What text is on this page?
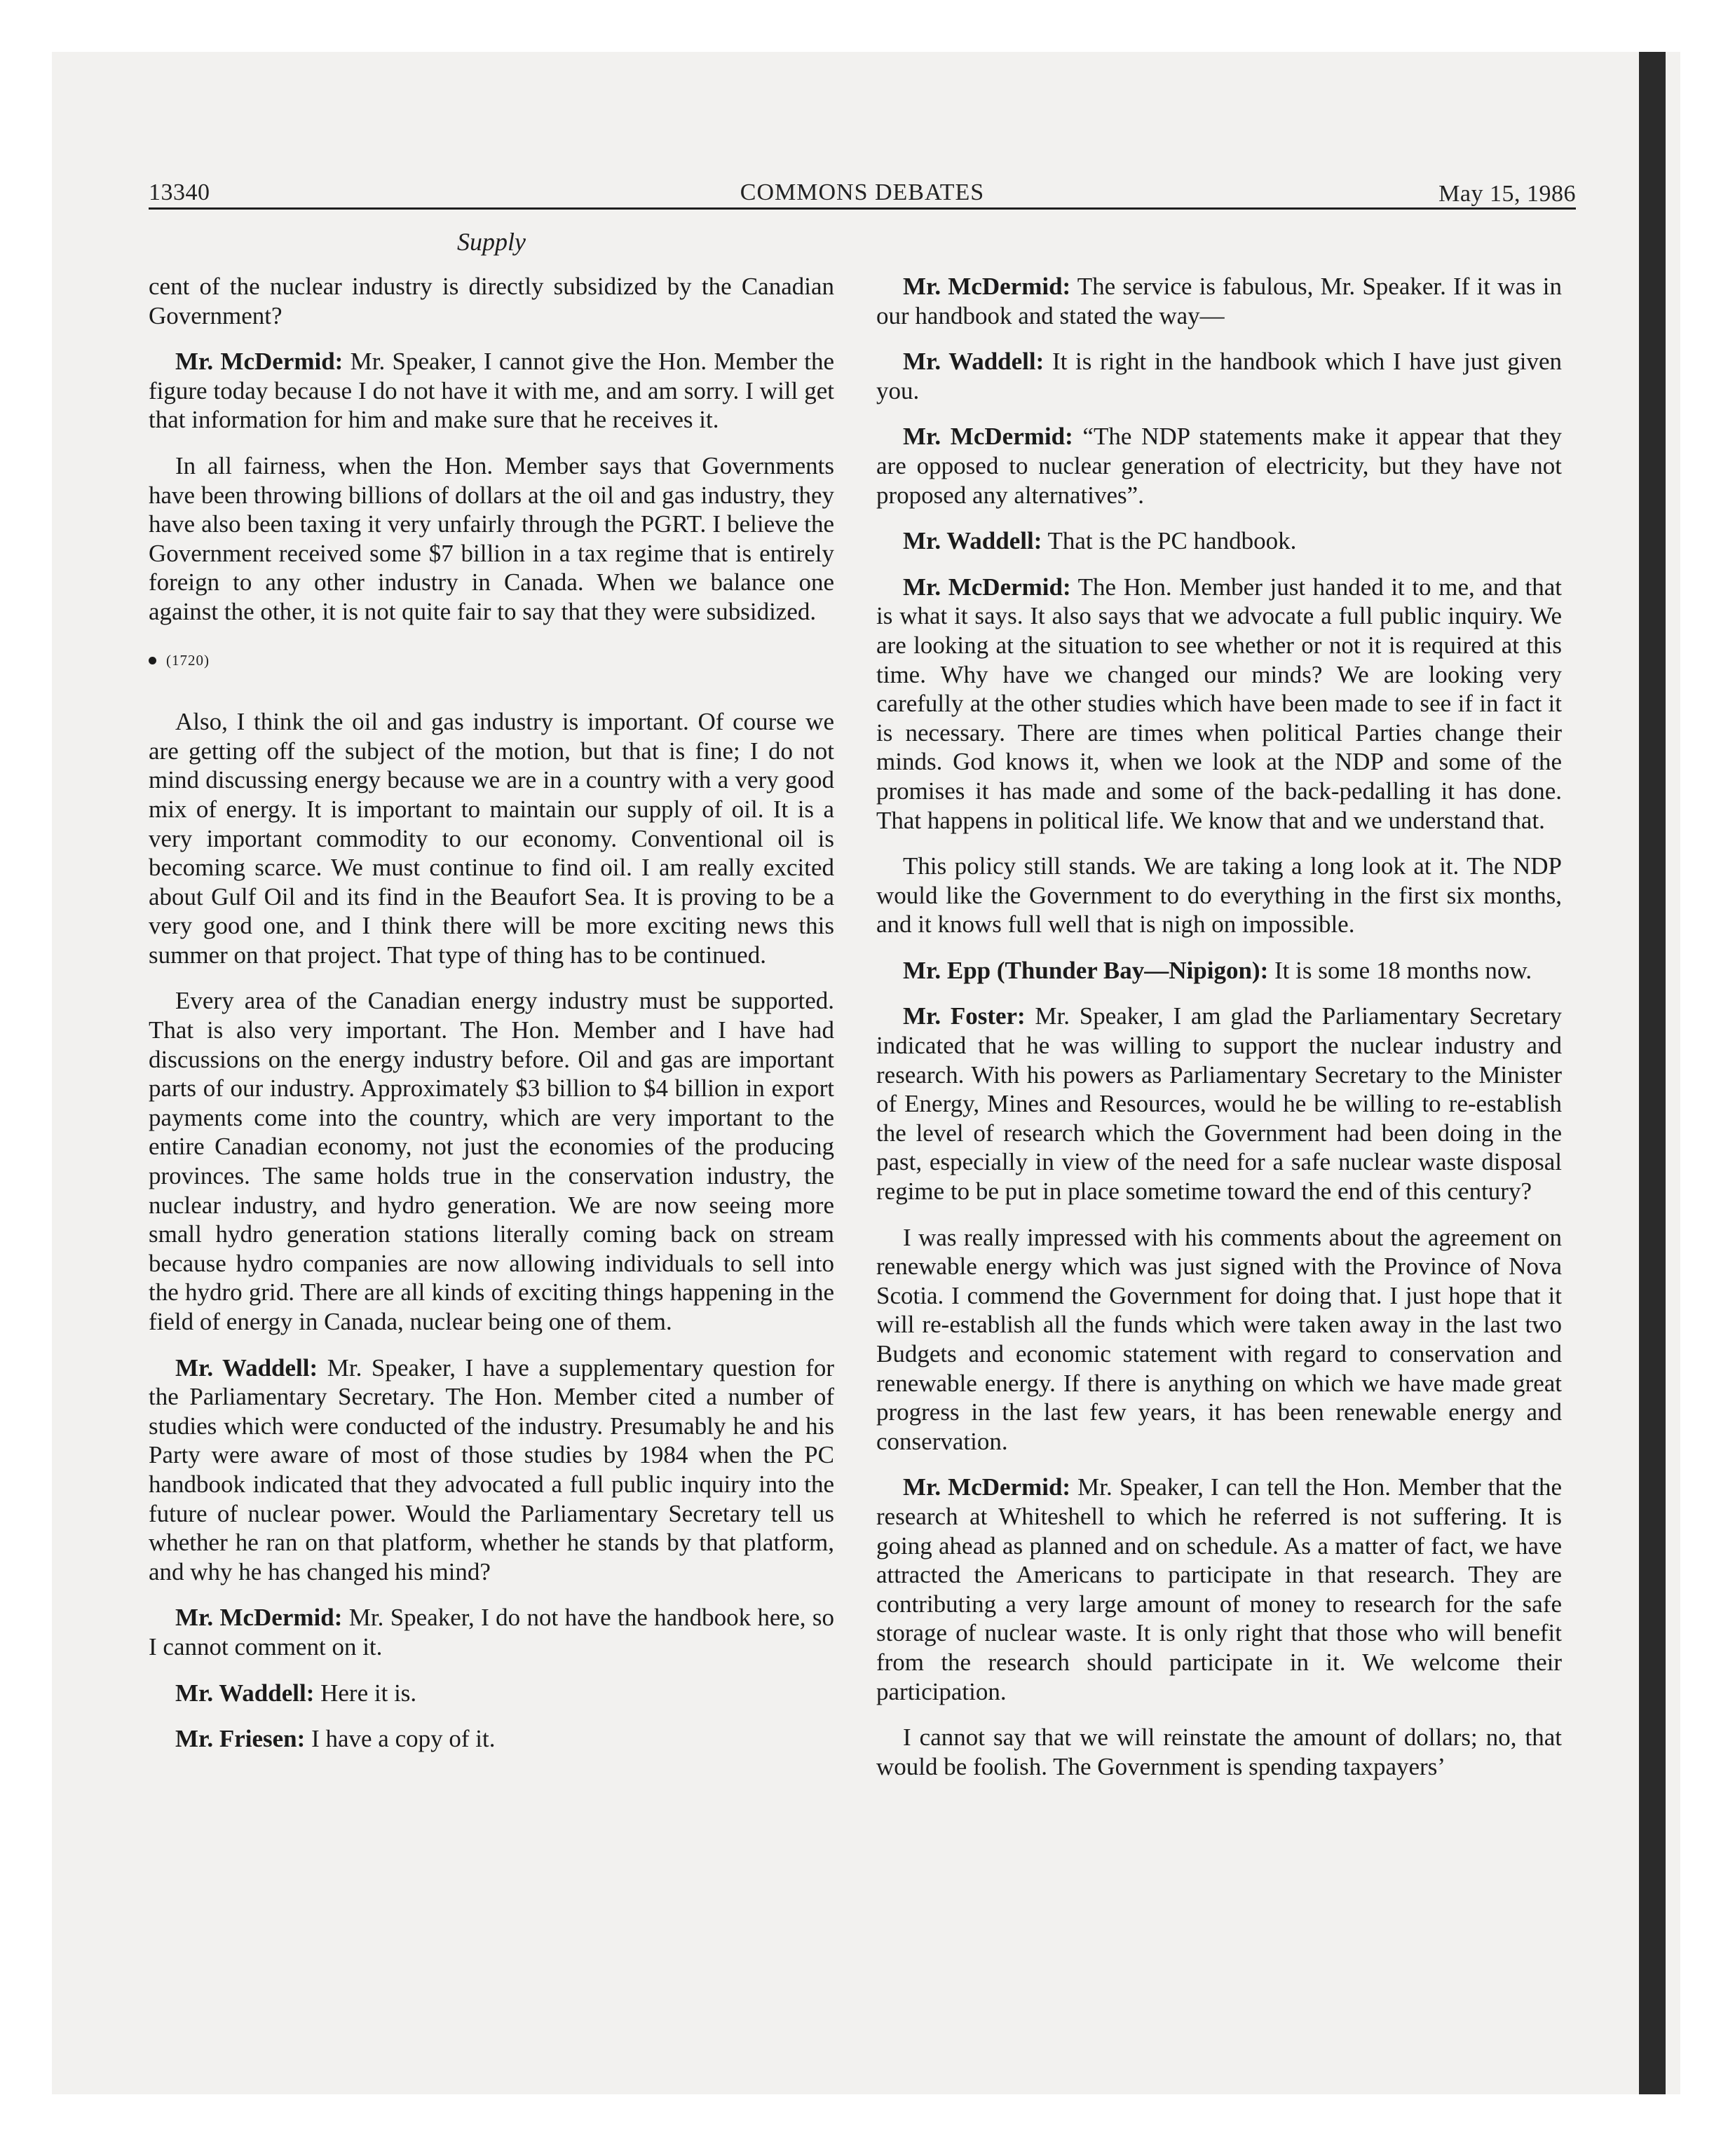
13340	COMMONS DEBATES	May 15, 1986
Supply

cent of the nuclear industry is directly subsidized by the Canadian Government?

Mr. McDermid: Mr. Speaker, I cannot give the Hon. Member the figure today because I do not have it with me, and am sorry. I will get that information for him and make sure that he receives it.

In all fairness, when the Hon. Member says that Governments have been throwing billions of dollars at the oil and gas industry, they have also been taxing it very unfairly through the PGRT. I believe the Government received some $7 billion in a tax regime that is entirely foreign to any other industry in Canada. When we balance one against the other, it is not quite fair to say that they were subsidized.

(1720)

Also, I think the oil and gas industry is important. Of course we are getting off the subject of the motion, but that is fine; I do not mind discussing energy because we are in a country with a very good mix of energy. It is important to maintain our supply of oil. It is a very important commodity to our economy. Conventional oil is becoming scarce. We must continue to find oil. I am really excited about Gulf Oil and its find in the Beaufort Sea. It is proving to be a very good one, and I think there will be more exciting news this summer on that project. That type of thing has to be continued.

Every area of the Canadian energy industry must be supported. That is also very important. The Hon. Member and I have had discussions on the energy industry before. Oil and gas are important parts of our industry. Approximately $3 billion to $4 billion in export payments come into the country, which are very important to the entire Canadian economy, not just the economies of the producing provinces. The same holds true in the conservation industry, the nuclear industry, and hydro generation. We are now seeing more small hydro generation stations literally coming back on stream because hydro companies are now allowing individuals to sell into the hydro grid. There are all kinds of exciting things happening in the field of energy in Canada, nuclear being one of them.

Mr. Waddell: Mr. Speaker, I have a supplementary question for the Parliamentary Secretary. The Hon. Member cited a number of studies which were conducted of the industry. Presumably he and his Party were aware of most of those studies by 1984 when the PC handbook indicated that they advocated a full public inquiry into the future of nuclear power. Would the Parliamentary Secretary tell us whether he ran on that platform, whether he stands by that platform, and why he has changed his mind?

Mr. McDermid: Mr. Speaker, I do not have the handbook here, so I cannot comment on it.

Mr. Waddell: Here it is.

Mr. Friesen: I have a copy of it.

Mr. McDermid: The service is fabulous, Mr. Speaker. If it was in our handbook and stated the way—

Mr. Waddell: It is right in the handbook which I have just given you.

Mr. McDermid: “The NDP statements make it appear that they are opposed to nuclear generation of electricity, but they have not proposed any alternatives”.

Mr. Waddell: That is the PC handbook.

Mr. McDermid: The Hon. Member just handed it to me, and that is what it says. It also says that we advocate a full public inquiry. We are looking at the situation to see whether or not it is required at this time. Why have we changed our minds? We are looking very carefully at the other studies which have been made to see if in fact it is necessary. There are times when political Parties change their minds. God knows it, when we look at the NDP and some of the promises it has made and some of the back-pedalling it has done. That happens in political life. We know that and we understand that.

This policy still stands. We are taking a long look at it. The NDP would like the Government to do everything in the first six months, and it knows full well that is nigh on impossible.

Mr. Epp (Thunder Bay—Nipigon): It is some 18 months now.

Mr. Foster: Mr. Speaker, I am glad the Parliamentary Secretary indicated that he was willing to support the nuclear industry and research. With his powers as Parliamentary Secretary to the Minister of Energy, Mines and Resources, would he be willing to re-establish the level of research which the Government had been doing in the past, especially in view of the need for a safe nuclear waste disposal regime to be put in place sometime toward the end of this century?

I was really impressed with his comments about the agreement on renewable energy which was just signed with the Province of Nova Scotia. I commend the Government for doing that. I just hope that it will re-establish all the funds which were taken away in the last two Budgets and economic statement with regard to conservation and renewable energy. If there is anything on which we have made great progress in the last few years, it has been renewable energy and conservation.

Mr. McDermid: Mr. Speaker, I can tell the Hon. Member that the research at Whiteshell to which he referred is not suffering. It is going ahead as planned and on schedule. As a matter of fact, we have attracted the Americans to participate in that research. They are contributing a very large amount of money to research for the safe storage of nuclear waste. It is only right that those who will benefit from the research should participate in it. We welcome their participation.

I cannot say that we will reinstate the amount of dollars; no, that would be foolish. The Government is spending taxpayers’
